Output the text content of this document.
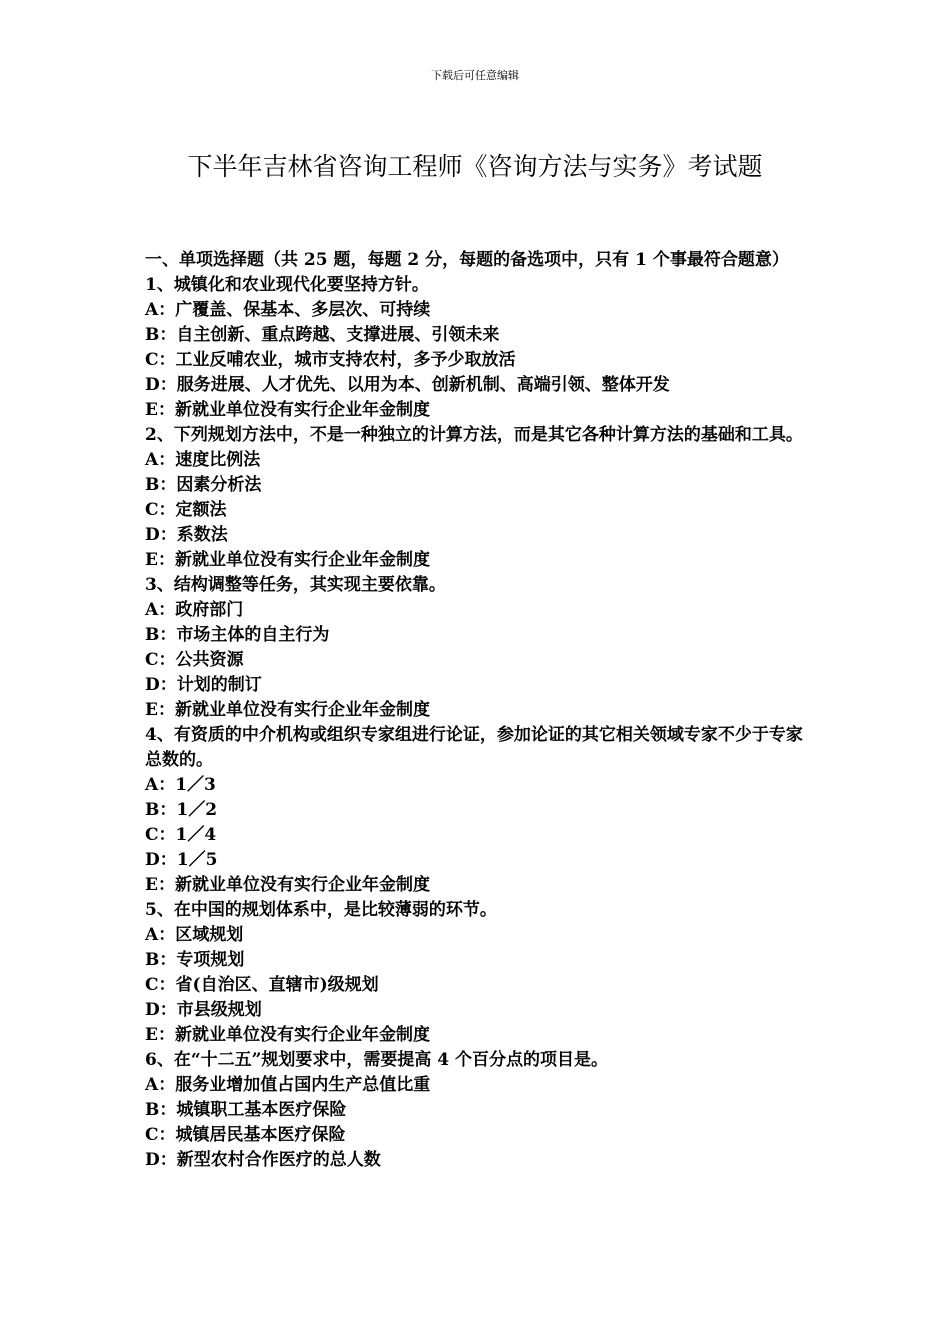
下载后可任意编辑
下半年吉林省咨询工程师《咨询方法与实务》考试题

一、单项选择题（共 25 题，每题 2 分，每题的备选项中，只有 1 个事最符合题意）

1、城镇化和农业现代化要坚持方针。

A：广覆盖、保基本、多层次、可持续

B：自主创新、重点跨越、支撑进展、引领未来

C：工业反哺农业，城市支持农村，多予少取放活

D：服务进展、人才优先、以用为本、创新机制、高端引领、整体开发

E：新就业单位没有实行企业年金制度

2、下列规划方法中，不是一种独立的计算方法，而是其它各种计算方法的基础和工具。

A：速度比例法

B：因素分析法

C：定额法

D：系数法

E：新就业单位没有实行企业年金制度

3、结构调整等任务，其实现主要依靠。

A：政府部门

B：市场主体的自主行为

C：公共资源

D：计划的制订

E：新就业单位没有实行企业年金制度

4、有资质的中介机构或组织专家组进行论证，参加论证的其它相关领域专家不少于专家总数的。

A：1／3

B：1／2

C：1／4

D：1／5

E：新就业单位没有实行企业年金制度

5、在中国的规划体系中，是比较薄弱的环节。

A：区域规划

B：专项规划

C：省(自治区、直辖市)级规划

D：市县级规划

E：新就业单位没有实行企业年金制度

6、在“十二五”规划要求中，需要提高 4 个百分点的项目是。

A：服务业增加值占国内生产总值比重

B：城镇职工基本医疗保险

C：城镇居民基本医疗保险

D：新型农村合作医疗的总人数
